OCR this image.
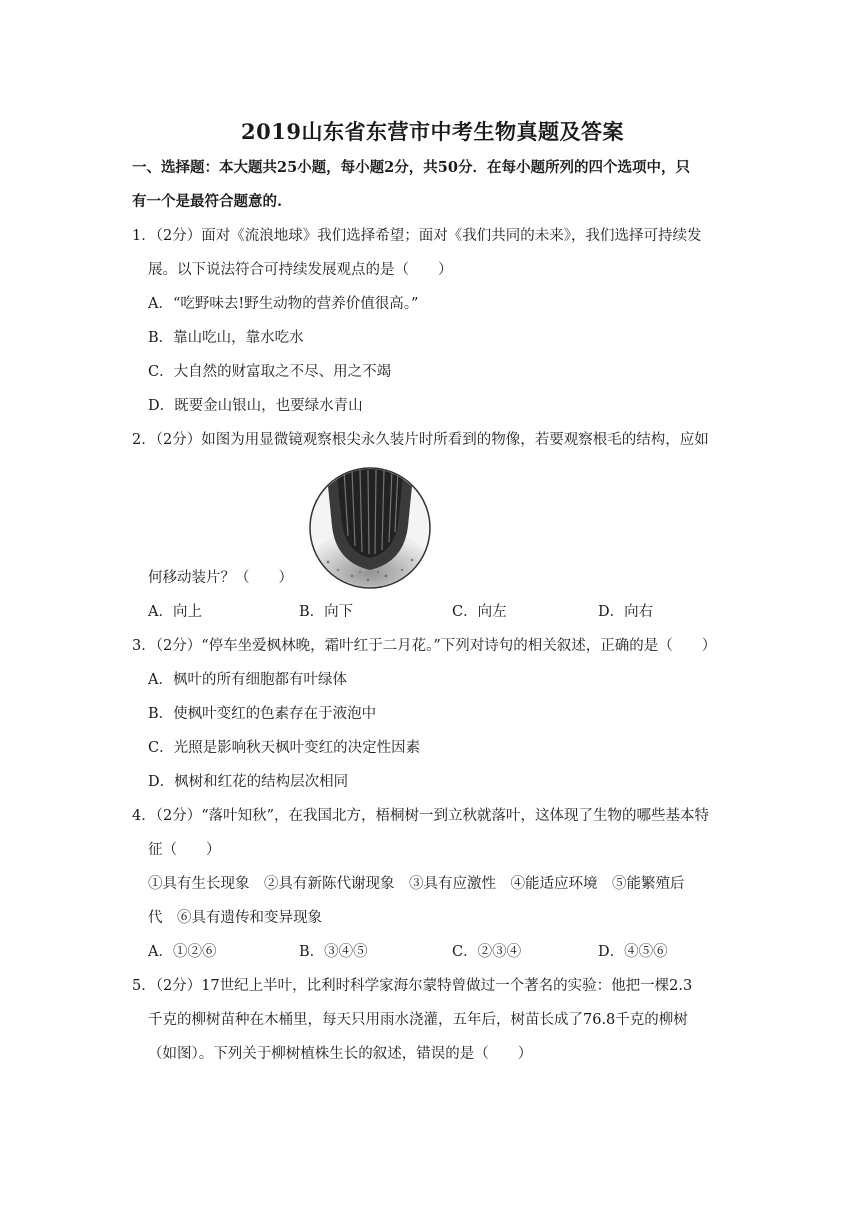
2019山东省东营市中考生物真题及答案
一、选择题：本大题共25小题，每小题2分，共50分．在每小题所列的四个选项中，只
有一个是最符合题意的.
1．（2分）面对《流浪地球》我们选择希望；面对《我们共同的未来》，我们选择可持续发
展。以下说法符合可持续发展观点的是（　　）
A．“吃野味去!野生动物的营养价值很高。”
B．靠山吃山，靠水吃水
C．大自然的财富取之不尽、用之不竭
D．既要金山银山，也要绿水青山
2．（2分）如图为用显微镜观察根尖永久装片时所看到的物像，若要观察根毛的结构，应如
何移动装片？（　　）
A．向上	B．向下	C．向左	D．向右
3．（2分）“停车坐爱枫林晚，霜叶红于二月花。”下列对诗句的相关叙述，正确的是（　　）
A．枫叶的所有细胞都有叶绿体
B．使枫叶变红的色素存在于液泡中
C．光照是影响秋天枫叶变红的决定性因素
D．枫树和红花的结构层次相同
4．（2分）“落叶知秋”，在我国北方，梧桐树一到立秋就落叶，这体现了生物的哪些基本特
征（　　）
①具有生长现象　②具有新陈代谢现象　③具有应激性　④能适应环境　⑤能繁殖后
代　⑥具有遗传和变异现象
A．①②⑥	B．③④⑤	C．②③④	D．④⑤⑥
5．（2分）17世纪上半叶，比利时科学家海尔蒙特曾做过一个著名的实验：他把一棵2.3
千克的柳树苗种在木桶里，每天只用雨水浇灌，五年后，树苗长成了76.8千克的柳树
（如图）。下列关于柳树植株生长的叙述，错误的是（　　）
